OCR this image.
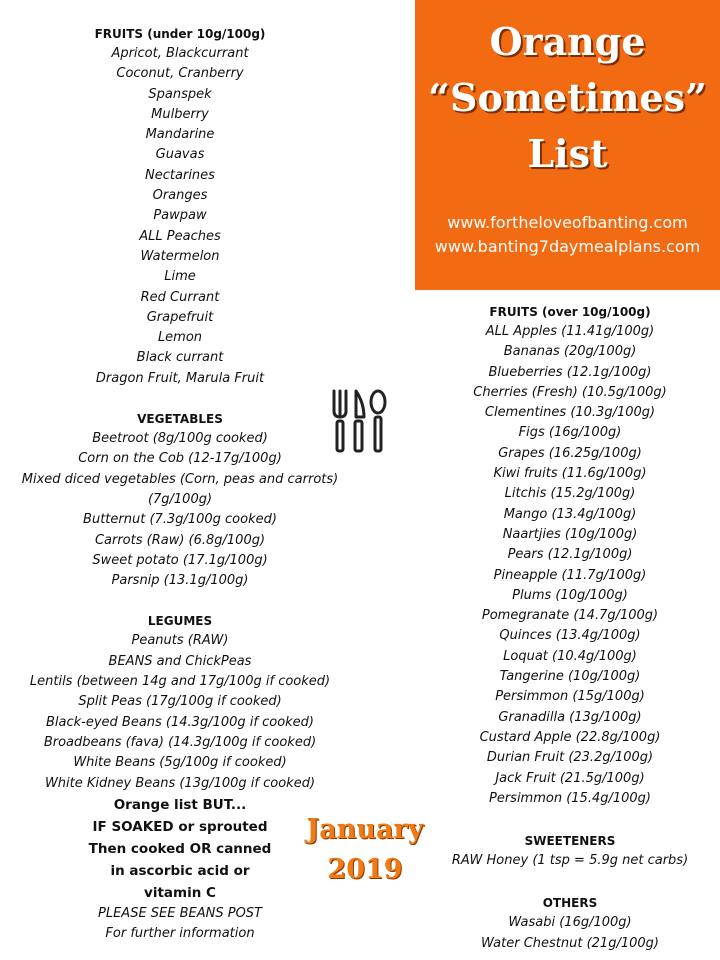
Orange
“Sometimes”
List
www.fortheloveofbanting.com
www.banting7daymealplans.com
FRUITS (under 10g/100g)
Apricot, Blackcurrant
Coconut, Cranberry
Spanspek
Mulberry
Mandarine
Guavas
Nectarines
Oranges
Pawpaw
ALL Peaches
Watermelon
Lime
Red Currant
Grapefruit
Lemon
Black currant
Dragon Fruit, Marula Fruit
VEGETABLES
Beetroot (8g/100g cooked)
Corn on the Cob (12-17g/100g)
Mixed diced vegetables (Corn, peas and carrots)
(7g/100g)
Butternut (7.3g/100g cooked)
Carrots (Raw) (6.8g/100g)
Sweet potato (17.1g/100g)
Parsnip (13.1g/100g)
LEGUMES
Peanuts (RAW)
BEANS and ChickPeas
Lentils (between 14g and 17g/100g if cooked)
Split Peas (17g/100g if cooked)
Black-eyed Beans (14.3g/100g if cooked)
Broadbeans (fava) (14.3g/100g if cooked)
White Beans (5g/100g if cooked)
White Kidney Beans (13g/100g if cooked)
Orange list BUT...
IF SOAKED or sprouted
Then cooked OR canned
in ascorbic acid or
vitamin C
PLEASE SEE BEANS POST
For further information
January
2019
FRUITS (over 10g/100g)
ALL Apples (11.41g/100g)
Bananas (20g/100g)
Blueberries (12.1g/100g)
Cherries (Fresh) (10.5g/100g)
Clementines (10.3g/100g)
Figs (16g/100g)
Grapes (16.25g/100g)
Kiwi fruits (11.6g/100g)
Litchis (15.2g/100g)
Mango (13.4g/100g)
Naartjies (10g/100g)
Pears (12.1g/100g)
Pineapple (11.7g/100g)
Plums (10g/100g)
Pomegranate (14.7g/100g)
Quinces (13.4g/100g)
Loquat (10.4g/100g)
Tangerine (10g/100g)
Persimmon (15g/100g)
Granadilla (13g/100g)
Custard Apple (22.8g/100g)
Durian Fruit (23.2g/100g)
Jack Fruit (21.5g/100g)
Persimmon (15.4g/100g)
SWEETENERS
RAW Honey (1 tsp = 5.9g net carbs)
OTHERS
Wasabi (16g/100g)
Water Chestnut (21g/100g)
